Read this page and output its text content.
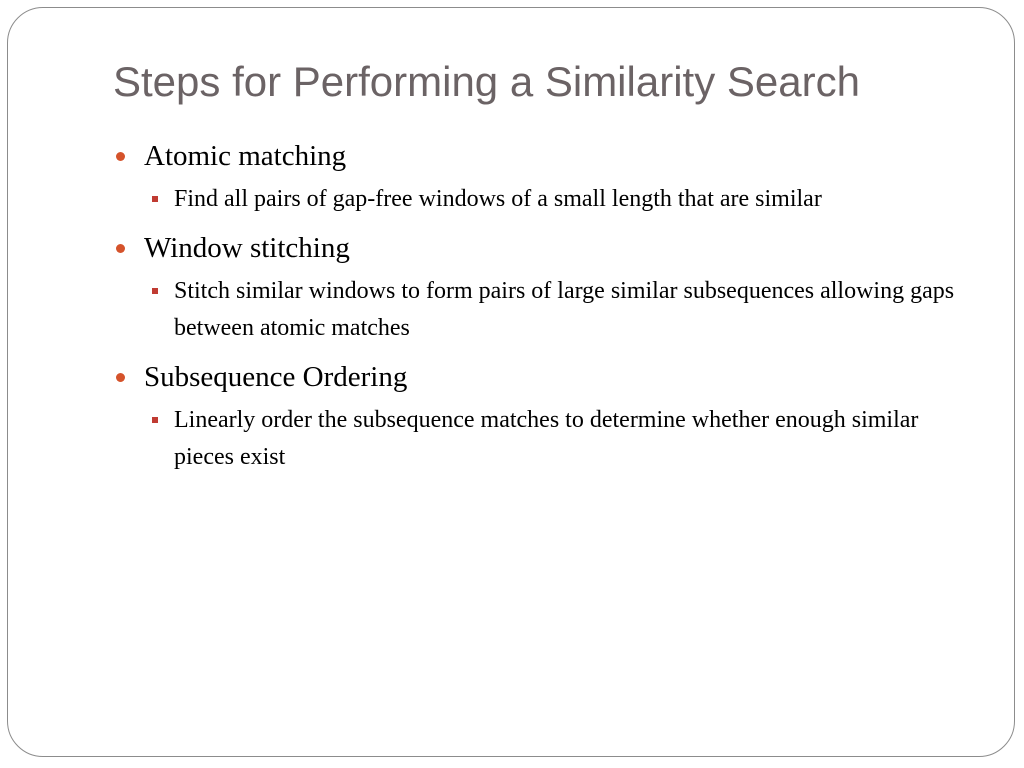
Steps for Performing a Similarity Search
Atomic matching
Find all pairs of gap-free windows of a small length that are similar
Window stitching
Stitch similar windows to form pairs of large similar subsequences allowing gaps between atomic matches
Subsequence Ordering
Linearly order the subsequence matches to determine whether enough similar pieces exist
